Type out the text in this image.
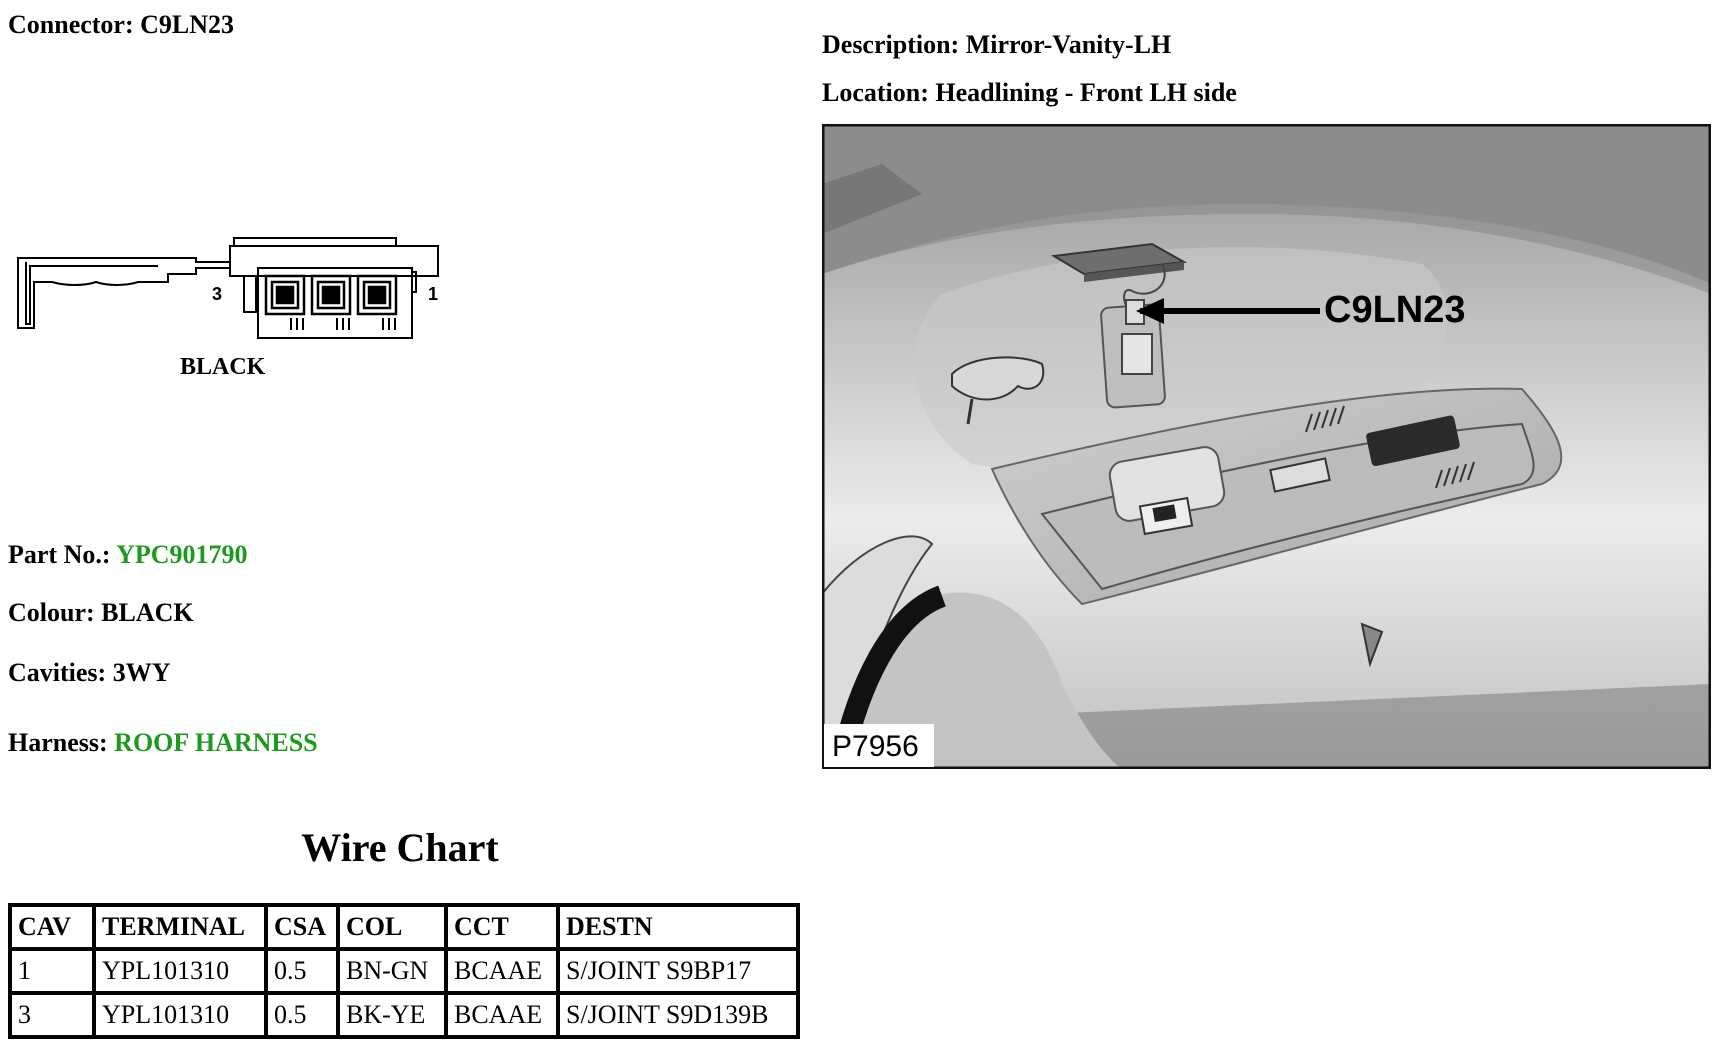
Connector: C9LN23
Description: Mirror-Vanity-LH
Location: Headlining - Front LH side
3	1
BLACK
C9LN23
P7956
Part No.: YPC901790
Colour: BLACK
Cavities: 3WY
Harness: ROOF HARNESS
Wire Chart
CAV	TERMINAL	CSA	COL	CCT	DESTN
1	YPL101310	0.5	BN-GN	BCAAE	S/JOINT S9BP17
3	YPL101310	0.5	BK-YE	BCAAE	S/JOINT S9D139B
